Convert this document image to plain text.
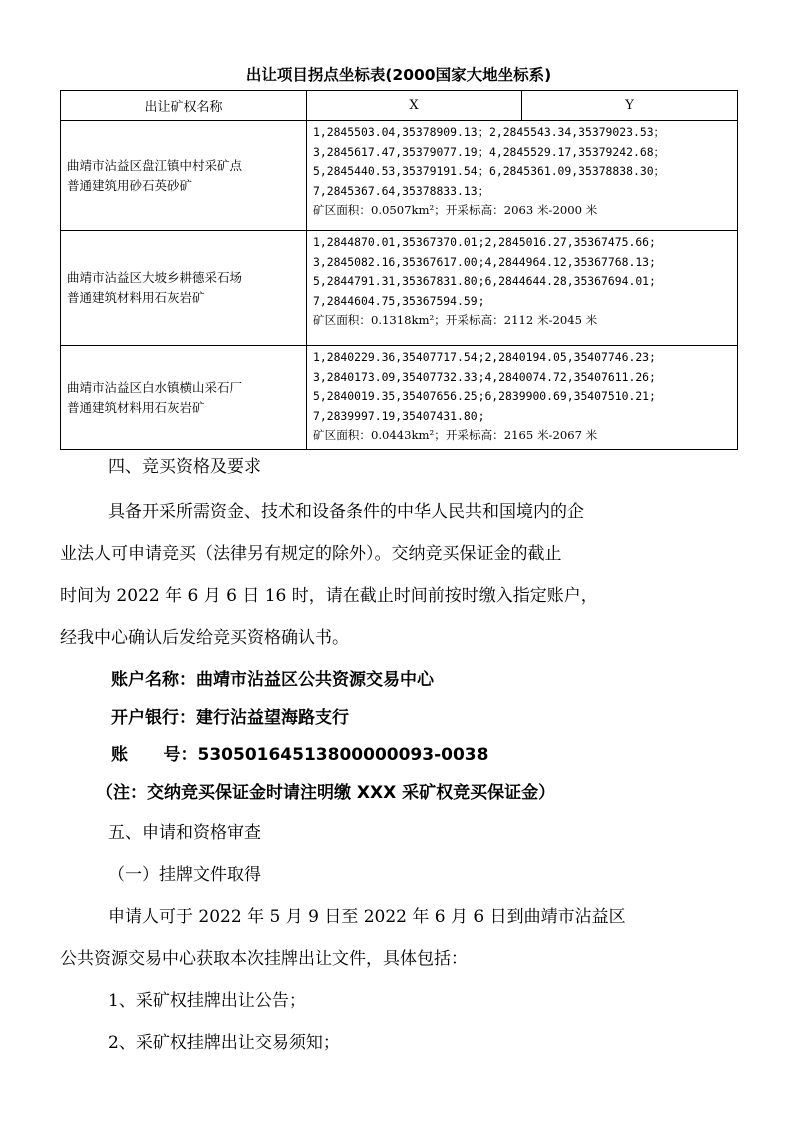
出让项目拐点坐标表(2000国家大地坐标系)
出让矿权名称	X	Y

曲靖市沾益区盘江镇中村采矿点
普通建筑用砂石英砂矿	1,2845503.04,35378909.13；2,2845543.34,35379023.53；
3,2845617.47,35379077.19；4,2845529.17,35379242.68；
5,2845440.53,35379191.54；6,2845361.09,35378838.30；
7,2845367.64,35378833.13；
矿区面积：0.0507km²；开采标高：2063 米-2000 米	

曲靖市沾益区大坡乡耕德采石场
普通建筑材料用石灰岩矿	1,2844870.01,35367370.01;2,2845016.27,35367475.66;
3,2845082.16,35367617.00;4,2844964.12,35367768.13;
5,2844791.31,35367831.80;6,2844644.28,35367694.01;
7,2844604.75,35367594.59;
矿区面积：0.1318km²；开采标高：2112 米-2045 米	

曲靖市沾益区白水镇横山采石厂
普通建筑材料用石灰岩矿	1,2840229.36,35407717.54;2,2840194.05,35407746.23;
3,2840173.09,35407732.33;4,2840074.72,35407611.26;
5,2840019.35,35407656.25;6,2839900.69,35407510.21;
7,2839997.19,35407431.80;
矿区面积：0.0443km²；开采标高：2165 米-2067 米	
四、竞买资格及要求
具备开采所需资金、技术和设备条件的中华人民共和国境内的企
业法人可申请竞买（法律另有规定的除外）。交纳竞买保证金的截止
时间为 2022 年 6 月 6 日 16 时，请在截止时间前按时缴入指定账户，
经我中心确认后发给竞买资格确认书。
账户名称：曲靖市沾益区公共资源交易中心
开户银行：建行沾益望海路支行
账      号：53050164513800000093-0038
（注：交纳竞买保证金时请注明缴 XXX 采矿权竞买保证金）
五、申请和资格审查
（一）挂牌文件取得
申请人可于 2022 年 5 月 9 日至 2022 年 6 月 6 日到曲靖市沾益区
公共资源交易中心获取本次挂牌出让文件，具体包括：
1、采矿权挂牌出让公告；
2、采矿权挂牌出让交易须知；
